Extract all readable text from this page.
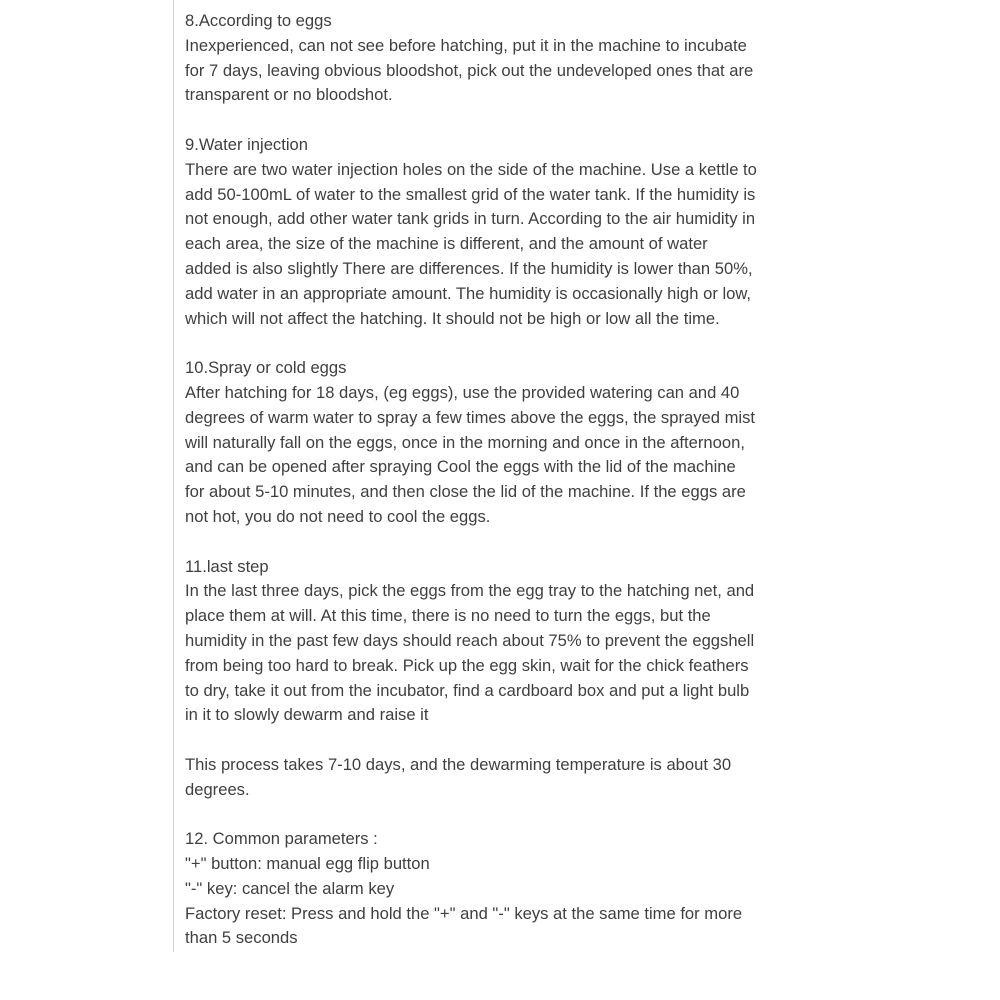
8.According to eggs
Inexperienced, can not see before hatching, put it in the machine to incubate
for 7 days, leaving obvious bloodshot, pick out the undeveloped ones that are
transparent or no bloodshot.
9.Water injection
There are two water injection holes on the side of the machine. Use a kettle to
add 50-100mL of water to the smallest grid of the water tank. If the humidity is
not enough, add other water tank grids in turn. According to the air humidity in
each area, the size of the machine is different, and the amount of water
added is also slightly There are differences. If the humidity is lower than 50%,
add water in an appropriate amount. The humidity is occasionally high or low,
which will not affect the hatching. It should not be high or low all the time.
10.Spray or cold eggs
After hatching for 18 days, (eg eggs), use the provided watering can and 40
degrees of warm water to spray a few times above the eggs, the sprayed mist
will naturally fall on the eggs, once in the morning and once in the afternoon,
and can be opened after spraying Cool the eggs with the lid of the machine
for about 5-10 minutes, and then close the lid of the machine. If the eggs are
not hot, you do not need to cool the eggs.
11.last step
In the last three days, pick the eggs from the egg tray to the hatching net, and
place them at will. At this time, there is no need to turn the eggs, but the
humidity in the past few days should reach about 75% to prevent the eggshell
from being too hard to break. Pick up the egg skin, wait for the chick feathers
to dry, take it out from the incubator, find a cardboard box and put a light bulb
in it to slowly dewarm and raise it
This process takes 7-10 days, and the dewarming temperature is about 30
degrees.
12. Common parameters :
"+" button: manual egg flip button
"-" key: cancel the alarm key
Factory reset: Press and hold the "+" and "-" keys at the same time for more
than 5 seconds
